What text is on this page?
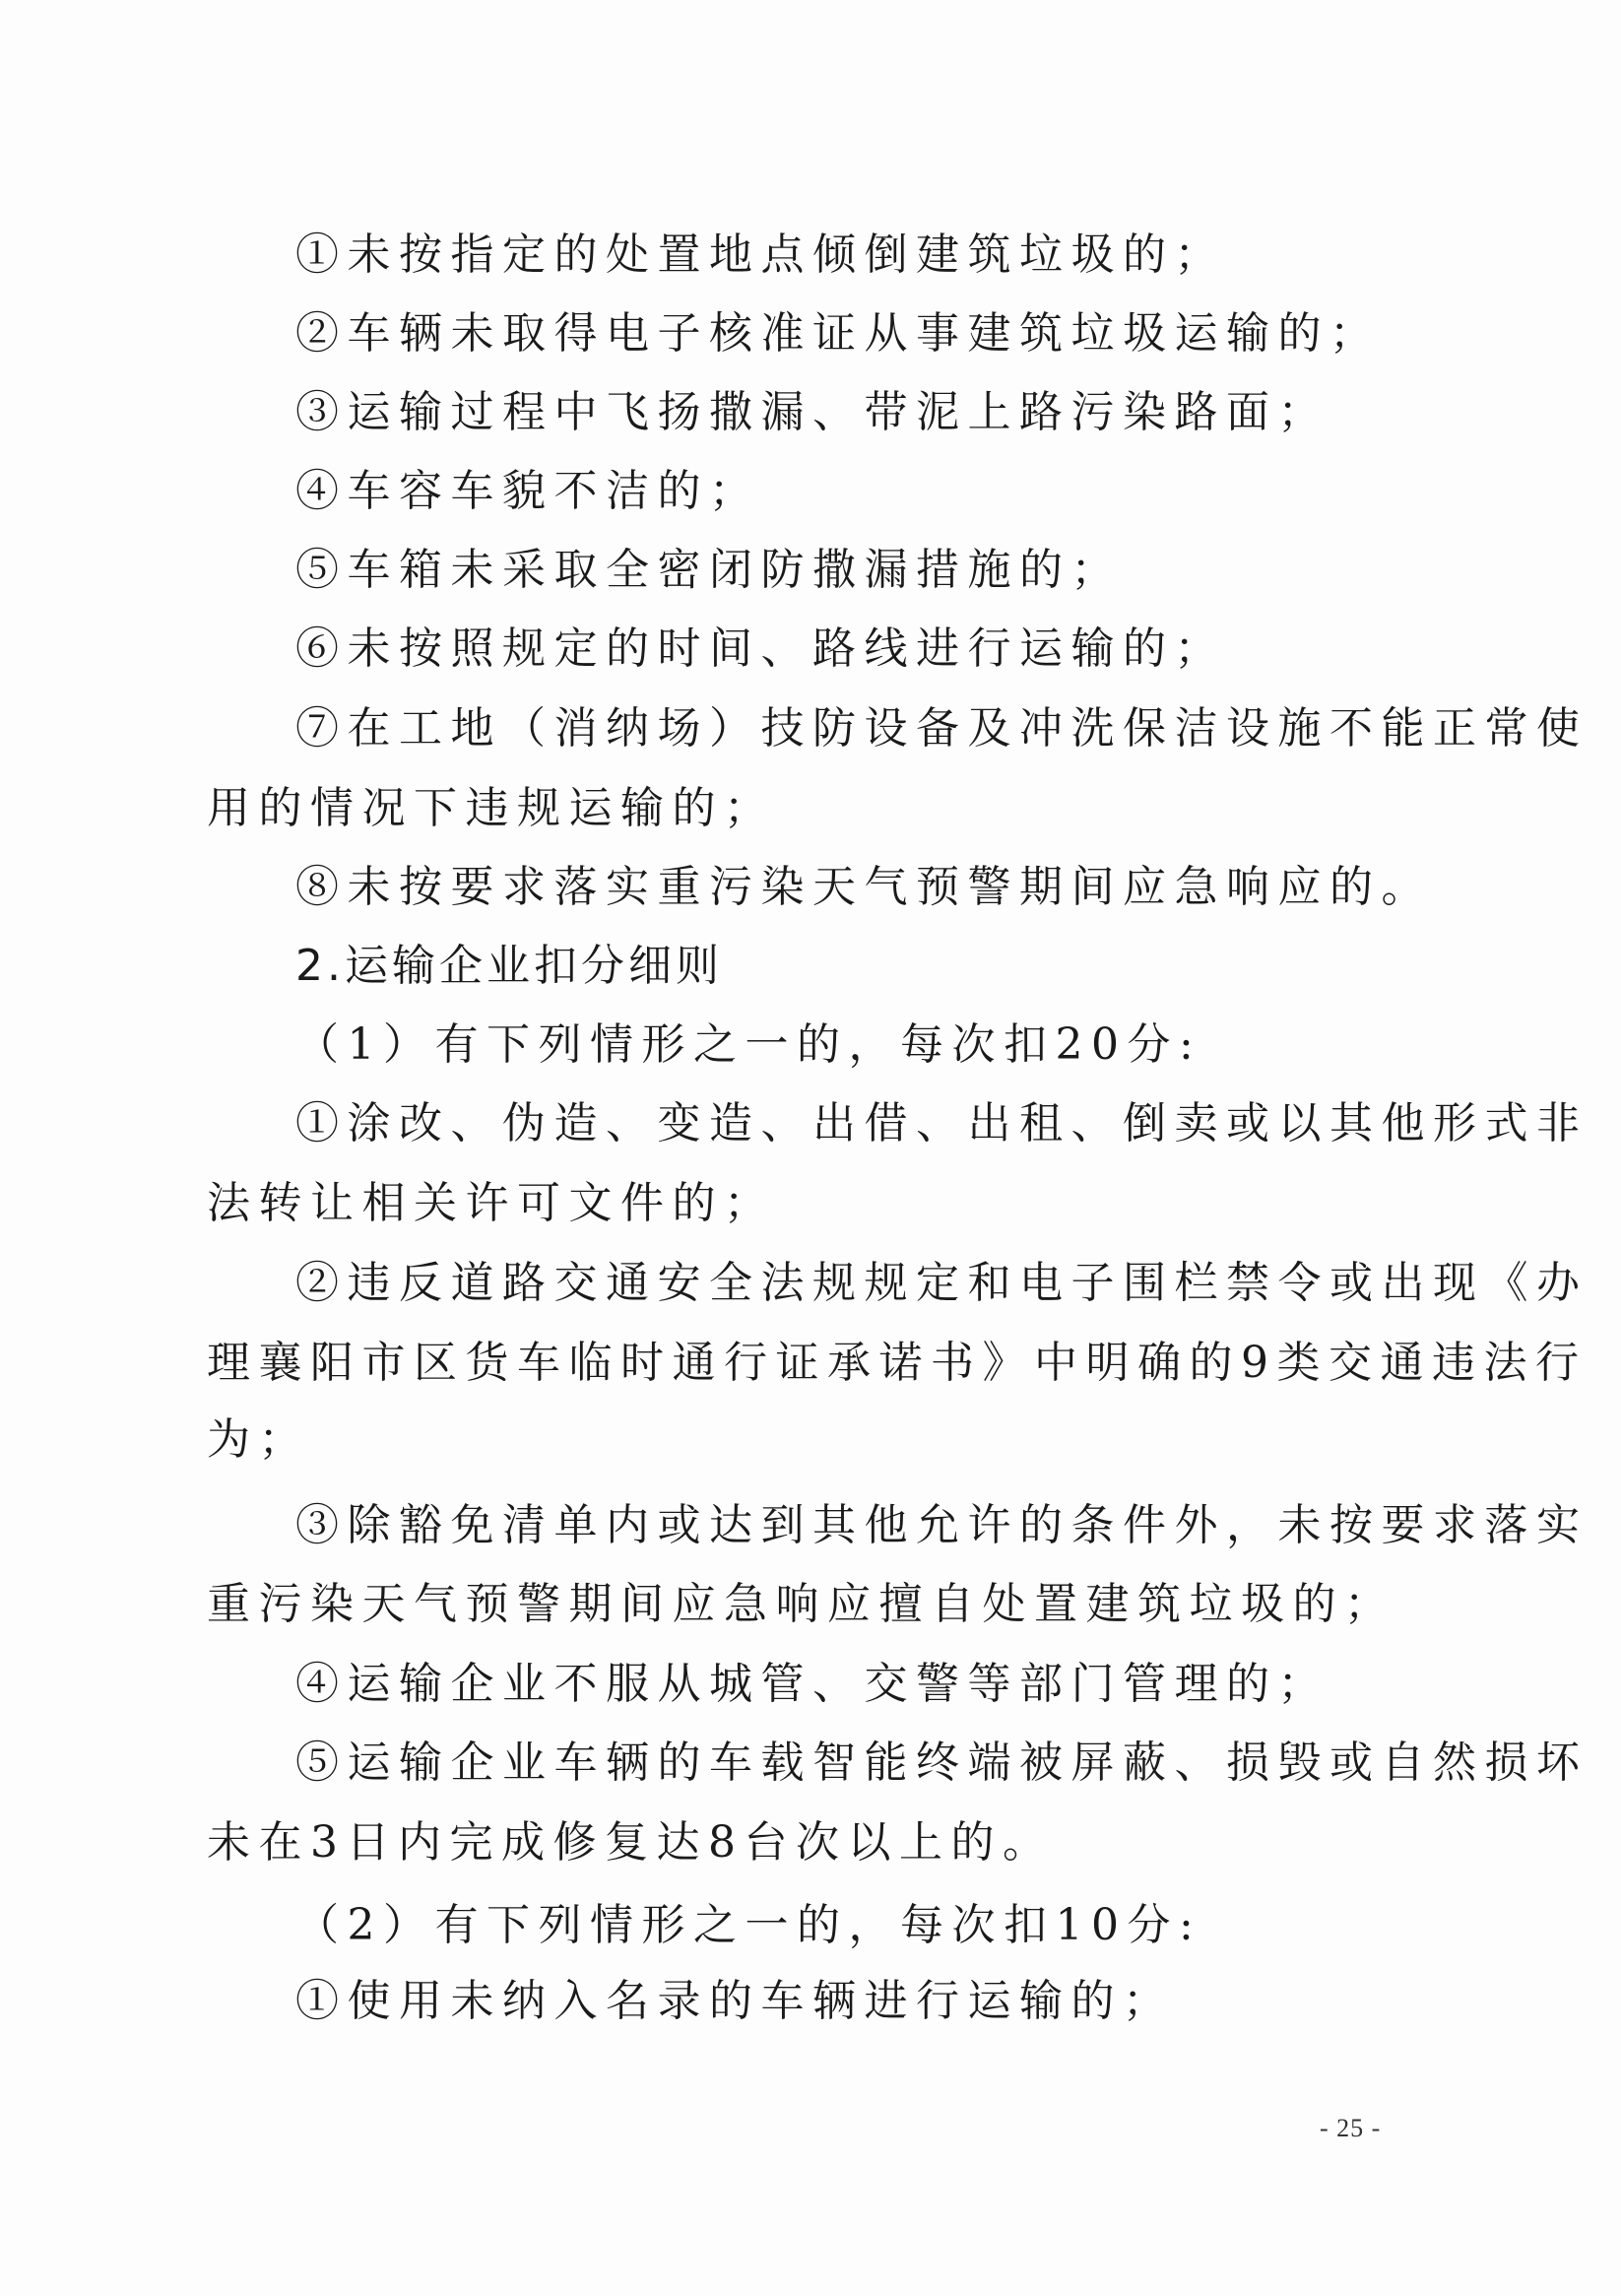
①未按指定的处置地点倾倒建筑垃圾的；
②车辆未取得电子核准证从事建筑垃圾运输的；
③运输过程中飞扬撒漏、带泥上路污染路面；
④车容车貌不洁的；
⑤车箱未采取全密闭防撒漏措施的；
⑥未按照规定的时间、路线进行运输的；
⑦在工地（消纳场）技防设备及冲洗保洁设施不能正常使
用的情况下违规运输的；
⑧未按要求落实重污染天气预警期间应急响应的。
2.运输企业扣分细则
（1）有下列情形之一的，每次扣20分:
①涂改、伪造、变造、出借、出租、倒卖或以其他形式非
法转让相关许可文件的；
②违反道路交通安全法规规定和电子围栏禁令或出现《办
理襄阳市区货车临时通行证承诺书》中明确的9类交通违法行
为；
③除豁免清单内或达到其他允许的条件外，未按要求落实
重污染天气预警期间应急响应擅自处置建筑垃圾的；
④运输企业不服从城管、交警等部门管理的；
⑤运输企业车辆的车载智能终端被屏蔽、损毁或自然损坏
未在3日内完成修复达8台次以上的。
（2）有下列情形之一的，每次扣10分:
①使用未纳入名录的车辆进行运输的；
- 25 -
